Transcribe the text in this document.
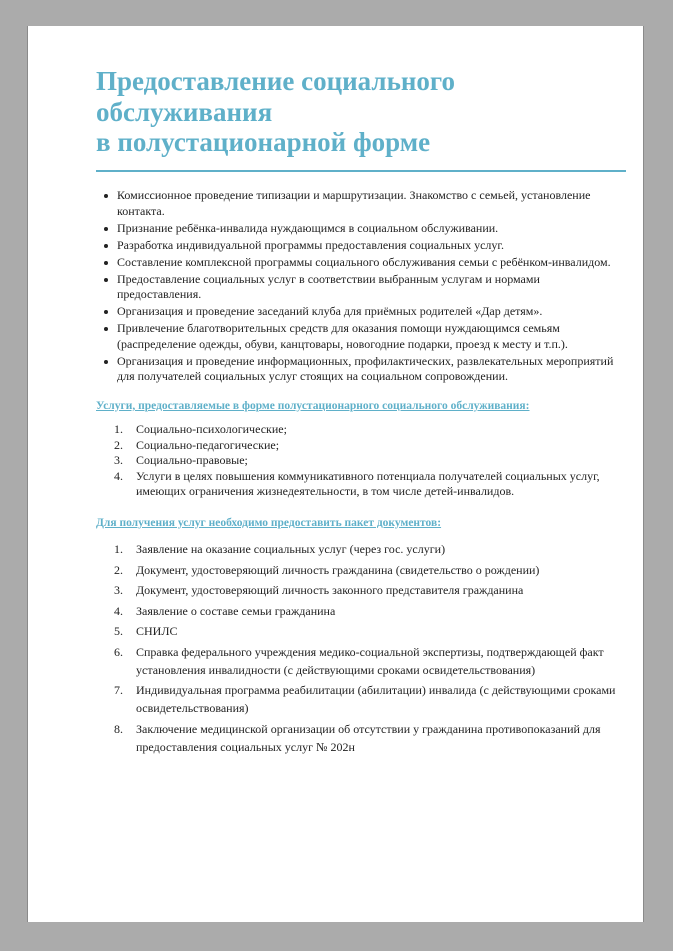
Предоставление социального
обслуживания
в полустационарной форме
Комиссионное проведение типизации и маршрутизации. Знакомство с семьей, установление контакта.
Признание ребёнка-инвалида нуждающимся в социальном обслуживании.
Разработка индивидуальной программы предоставления социальных услуг.
Составление комплексной программы социального обслуживания семьи с ребёнком-инвалидом.
Предоставление социальных услуг в соответствии выбранным услугам и нормами предоставления.
Организация и проведение заседаний клуба для приёмных родителей «Дар детям».
Привлечение благотворительных средств для оказания помощи нуждающимся семьям (распределение одежды, обуви, канцтовары, новогодние подарки, проезд к месту и т.п.).
Организация и проведение информационных, профилактических, развлекательных мероприятий для получателей социальных услуг стоящих на социальном сопровождении.
Услуги, предоставляемые в форме полустационарного социального обслуживания:
1. Социально-психологические;
2. Социально-педагогические;
3. Социально-правовые;
4. Услуги в целях повышения коммуникативного потенциала получателей социальных услуг, имеющих ограничения жизнедеятельности, в том числе детей-инвалидов.
Для получения услуг необходимо предоставить пакет документов:
1. Заявление на оказание социальных услуг (через гос. услуги)
2. Документ, удостоверяющий личность гражданина (свидетельство о рождении)
3. Документ, удостоверяющий личность законного представителя гражданина
4. Заявление о составе семьи гражданина
5. СНИЛС
6. Справка федерального учреждения медико-социальной экспертизы, подтверждающей факт установления инвалидности (с действующими сроками освидетельствования)
7. Индивидуальная программа реабилитации (абилитации) инвалида (с действующими сроками освидетельствования)
8. Заключение медицинской организации об отсутствии у гражданина противопоказаний для предоставления социальных услуг № 202н
